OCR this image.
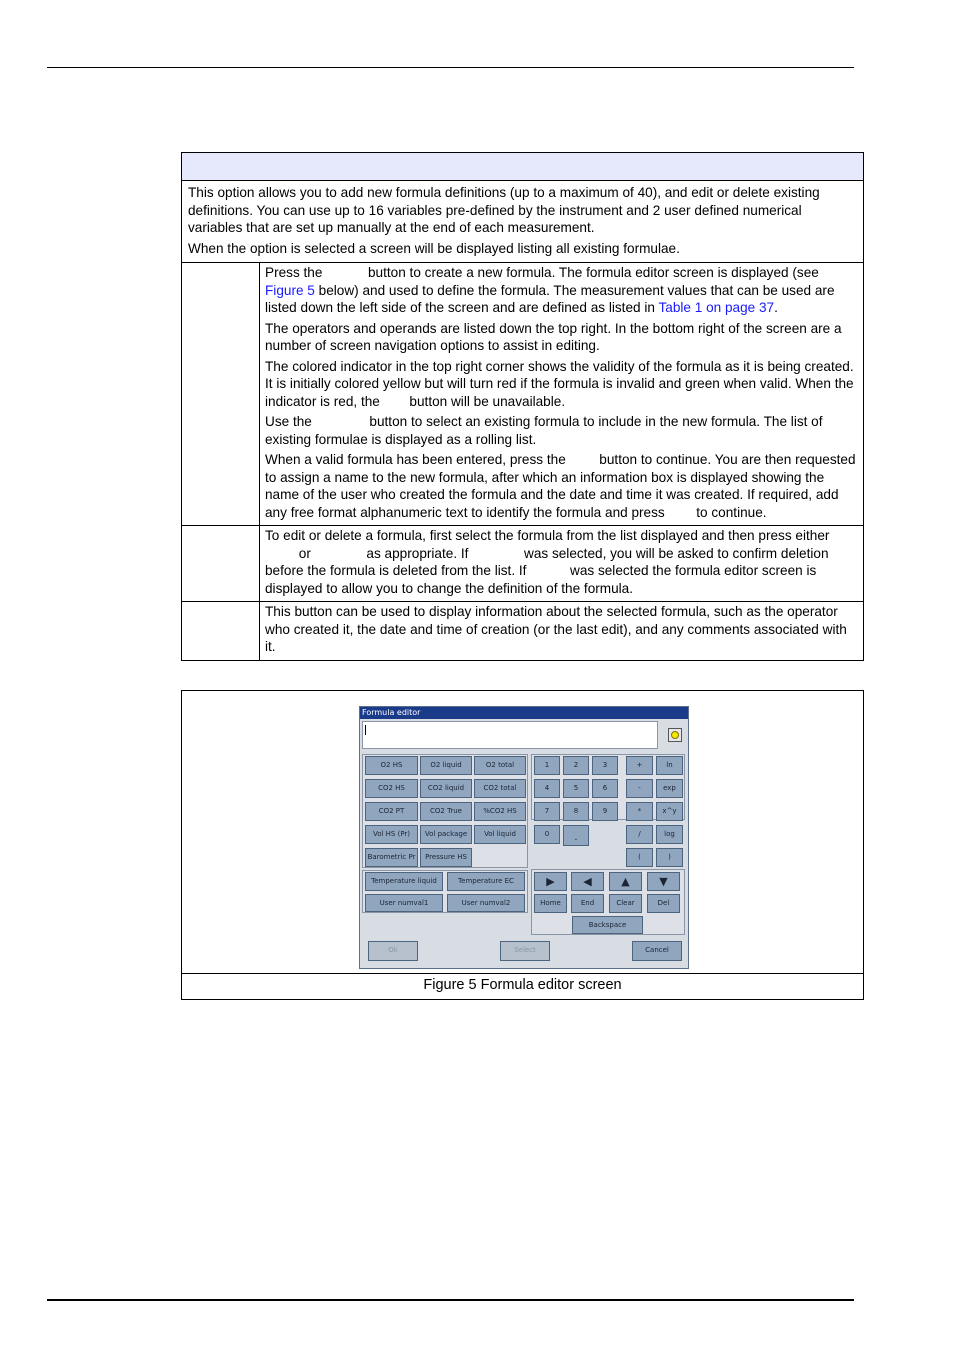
This option allows you to add new formula definitions (up to a maximum of 40), and edit or delete existing definitions. You can use up to 16 variables pre-defined by the instrument and 2 user defined numerical variables that are set up manually at the end of each measurement.

When the option is selected a screen will be displayed listing all existing formulae.

Press the	button to create a new formula. The formula editor screen is displayed (see Figure 5 below) and used to define the formula. The measurement values that can be used are listed down the left side of the screen and are defined as listed in Table 1 on page 37.

The operators and operands are listed down the top right. In the bottom right of the screen are a number of screen navigation options to assist in editing.

The colored indicator in the top right corner shows the validity of the formula as it is being created. It is initially colored yellow but will turn red if the formula is invalid and green when valid. When the indicator is red, the  button will be unavailable.

Use the	button to select an existing formula to include in the new formula. The list of existing formulae is displayed as a rolling list.

When a valid formula has been entered, press the  button to continue. You are then requested to assign a name to the new formula, after which an information box is displayed showing the name of the user who created the formula and the date and time it was created. If required, add any free format alphanumeric text to identify the formula and press  to continue.

To edit or delete a formula, first select the formula from the list displayed and then press either  or	as appropriate. If	was selected, you will be asked to confirm deletion before the formula is deleted from the list. If	was selected the formula editor screen is displayed to allow you to change the definition of the formula.

This button can be used to display information about the selected formula, such as the operator who created it, the date and time of creation (or the last edit), and any comments associated with it.

Formula editor
O2 HS	O2 liquid	O2 total
CO2 HS	CO2 liquid	CO2 total
CO2 PT	CO2 True	%CO2 HS
Vol HS (Pr)	Vol package	Vol liquid
Barometric Pr	Pressure HS
Temperature liquid	Temperature EC
User numval1	User numval2
1	2	3
4	5	6
7	8	9
0	.
+	ln
-	exp
*	x^y
/	log
(	)
▶	◀	▲	▼
Home	End	Clear	Del
Backspace
Ok	Select	Cancel
Figure 5 Formula editor screen
